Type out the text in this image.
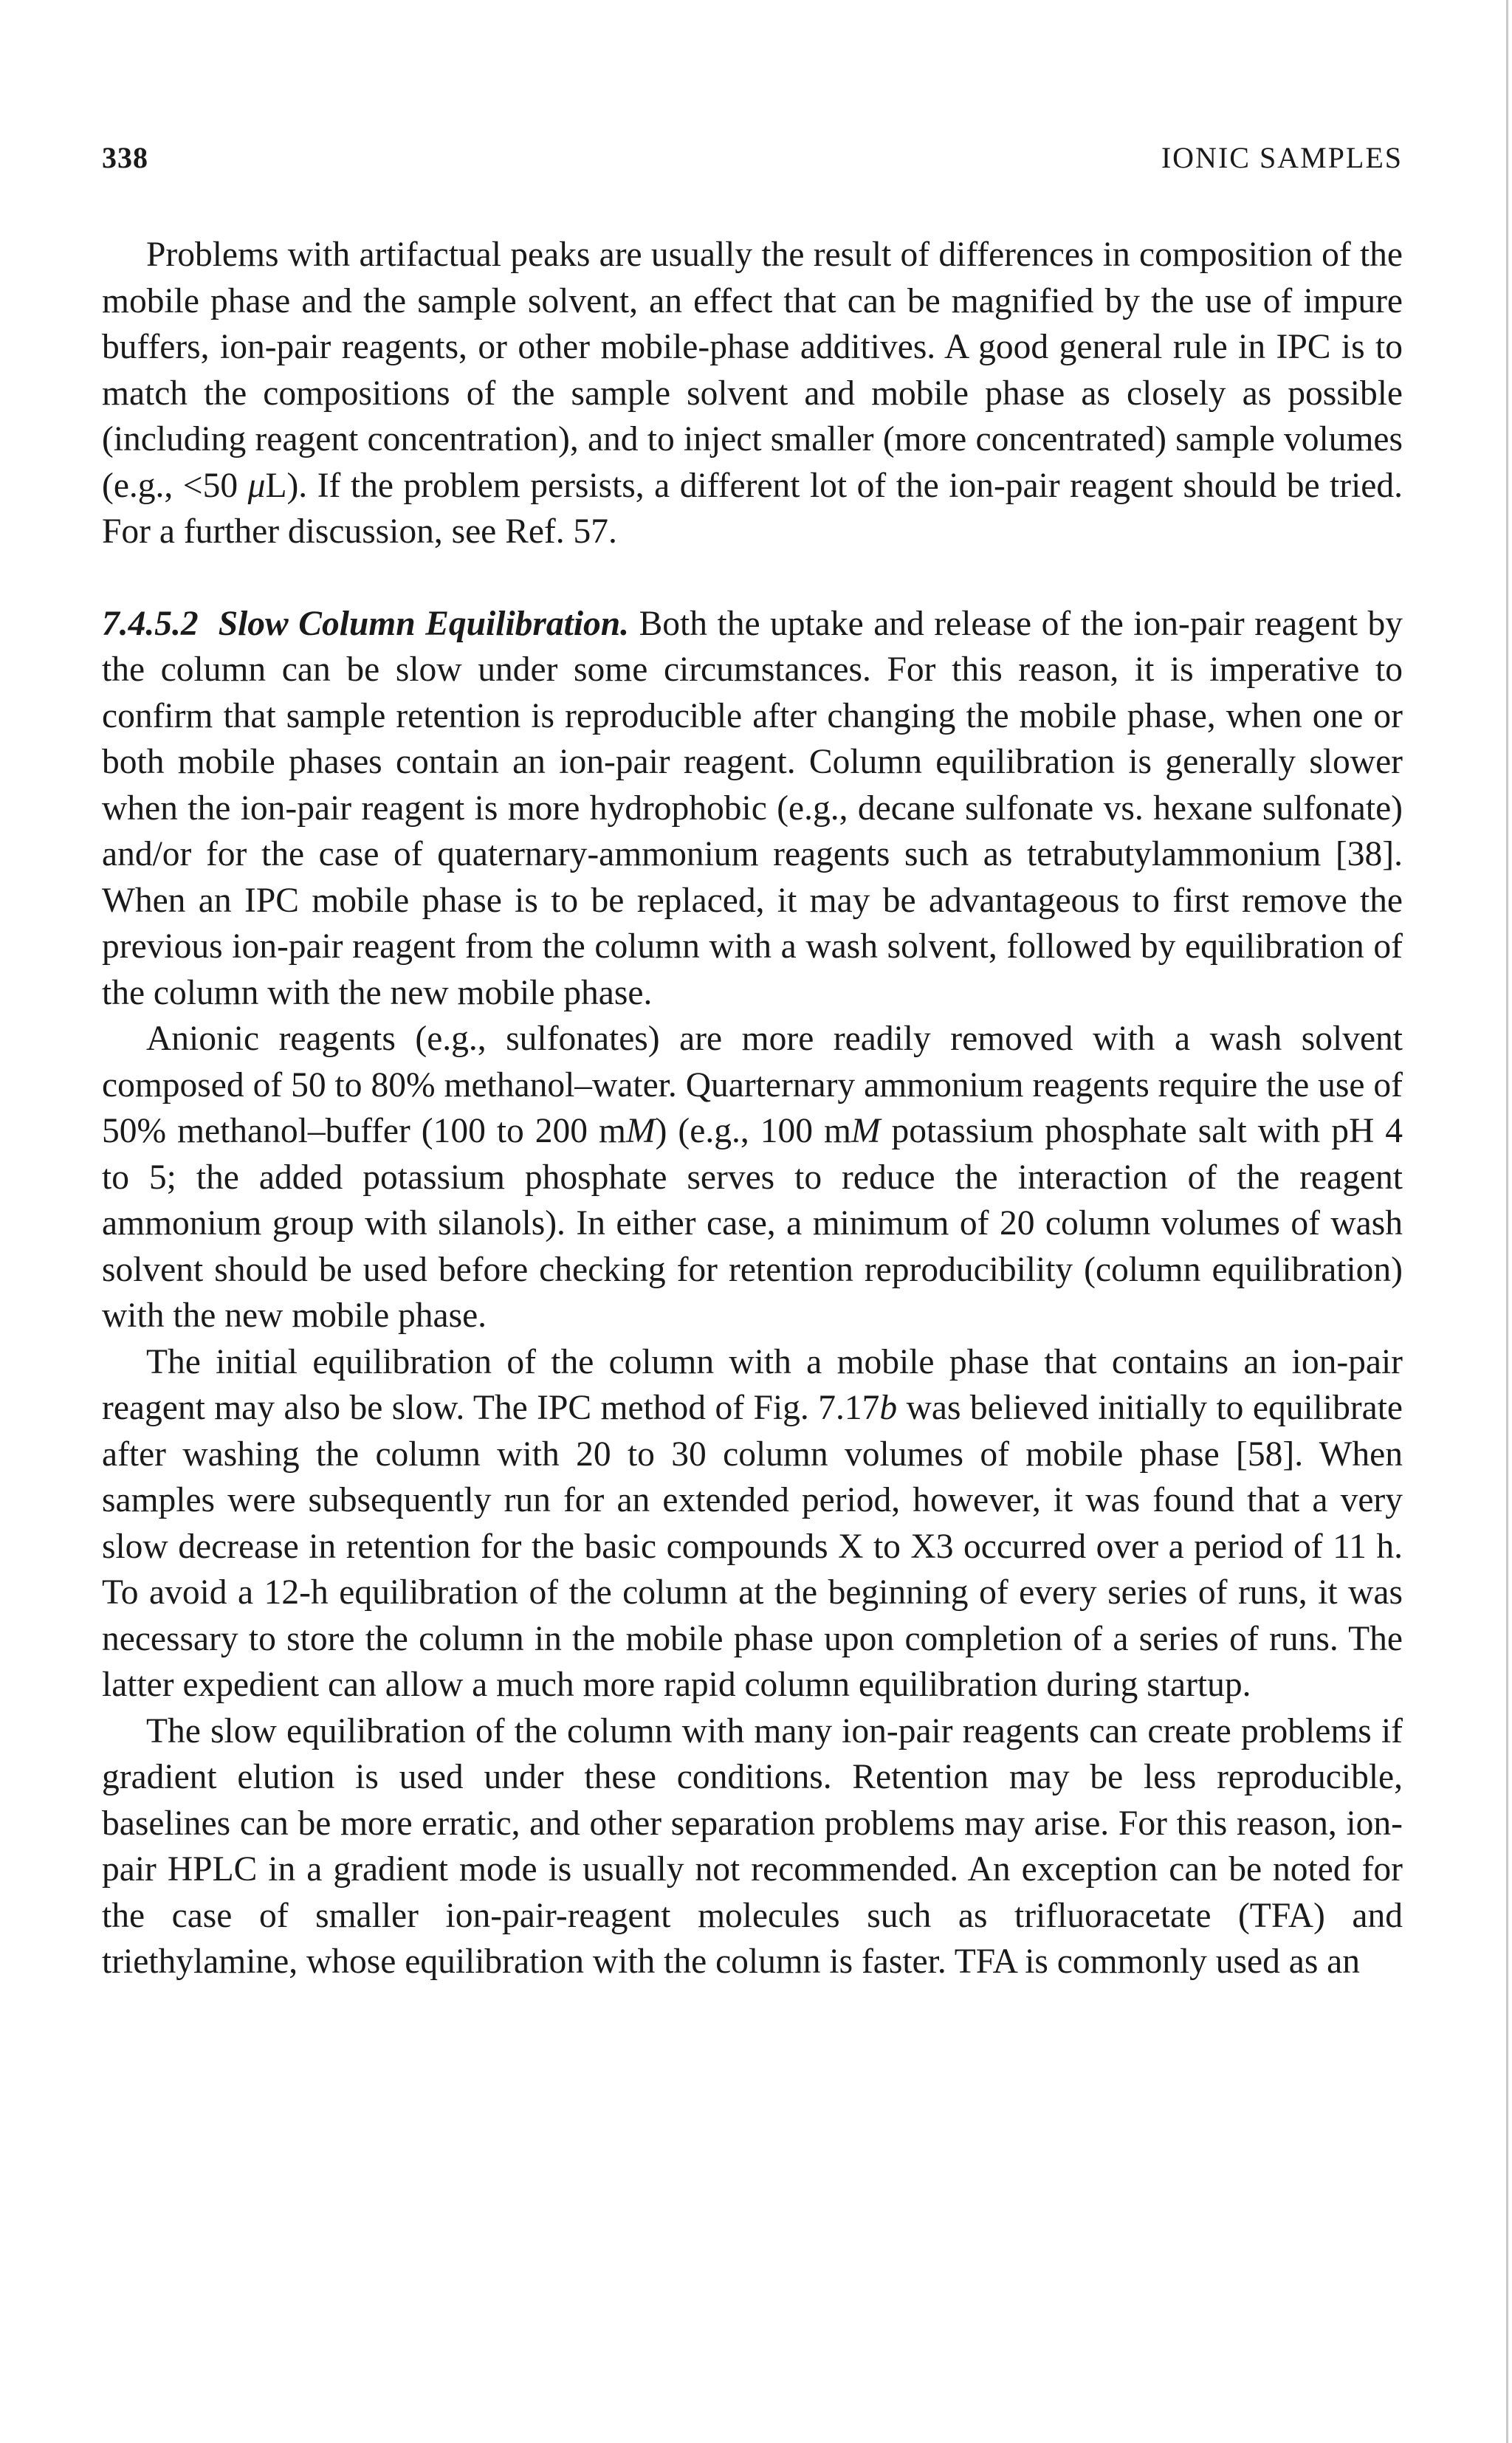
338	IONIC SAMPLES

Problems with artifactual peaks are usually the result of differences in composition of the mobile phase and the sample solvent, an effect that can be magnified by the use of impure buffers, ion-pair reagents, or other mobile-phase additives. A good general rule in IPC is to match the compositions of the sample solvent and mobile phase as closely as possible (including reagent concentration), and to inject smaller (more concentrated) sample volumes (e.g., <50 μL). If the problem persists, a different lot of the ion-pair reagent should be tried. For a further discussion, see Ref. 57.

7.4.5.2 Slow Column Equilibration. Both the uptake and release of the ion-pair reagent by the column can be slow under some circumstances. For this reason, it is imperative to confirm that sample retention is reproducible after changing the mobile phase, when one or both mobile phases contain an ion-pair reagent. Column equilibration is generally slower when the ion-pair reagent is more hydrophobic (e.g., decane sulfonate vs. hexane sulfonate) and/or for the case of quaternary-ammonium reagents such as tetrabutylammonium [38]. When an IPC mobile phase is to be replaced, it may be advantageous to first remove the previous ion-pair reagent from the column with a wash solvent, followed by equilibration of the column with the new mobile phase.

Anionic reagents (e.g., sulfonates) are more readily removed with a wash solvent composed of 50 to 80% methanol–water. Quarternary ammonium reagents require the use of 50% methanol–buffer (100 to 200 mM) (e.g., 100 mM potassium phosphate salt with pH 4 to 5; the added potassium phosphate serves to reduce the interaction of the reagent ammonium group with silanols). In either case, a minimum of 20 column volumes of wash solvent should be used before checking for retention reproducibility (column equilibration) with the new mobile phase.

The initial equilibration of the column with a mobile phase that contains an ion-pair reagent may also be slow. The IPC method of Fig. 7.17b was believed initially to equilibrate after washing the column with 20 to 30 column volumes of mobile phase [58]. When samples were subsequently run for an extended period, however, it was found that a very slow decrease in retention for the basic compounds X to X3 occurred over a period of 11 h. To avoid a 12-h equilibration of the column at the beginning of every series of runs, it was necessary to store the column in the mobile phase upon completion of a series of runs. The latter expedient can allow a much more rapid column equilibration during startup.

The slow equilibration of the column with many ion-pair reagents can create problems if gradient elution is used under these conditions. Retention may be less reproducible, baselines can be more erratic, and other separation problems may arise. For this reason, ion-pair HPLC in a gradient mode is usually not recommended. An exception can be noted for the case of smaller ion-pair-reagent molecules such as trifluoracetate (TFA) and triethylamine, whose equilibration with the column is faster. TFA is commonly used as an
